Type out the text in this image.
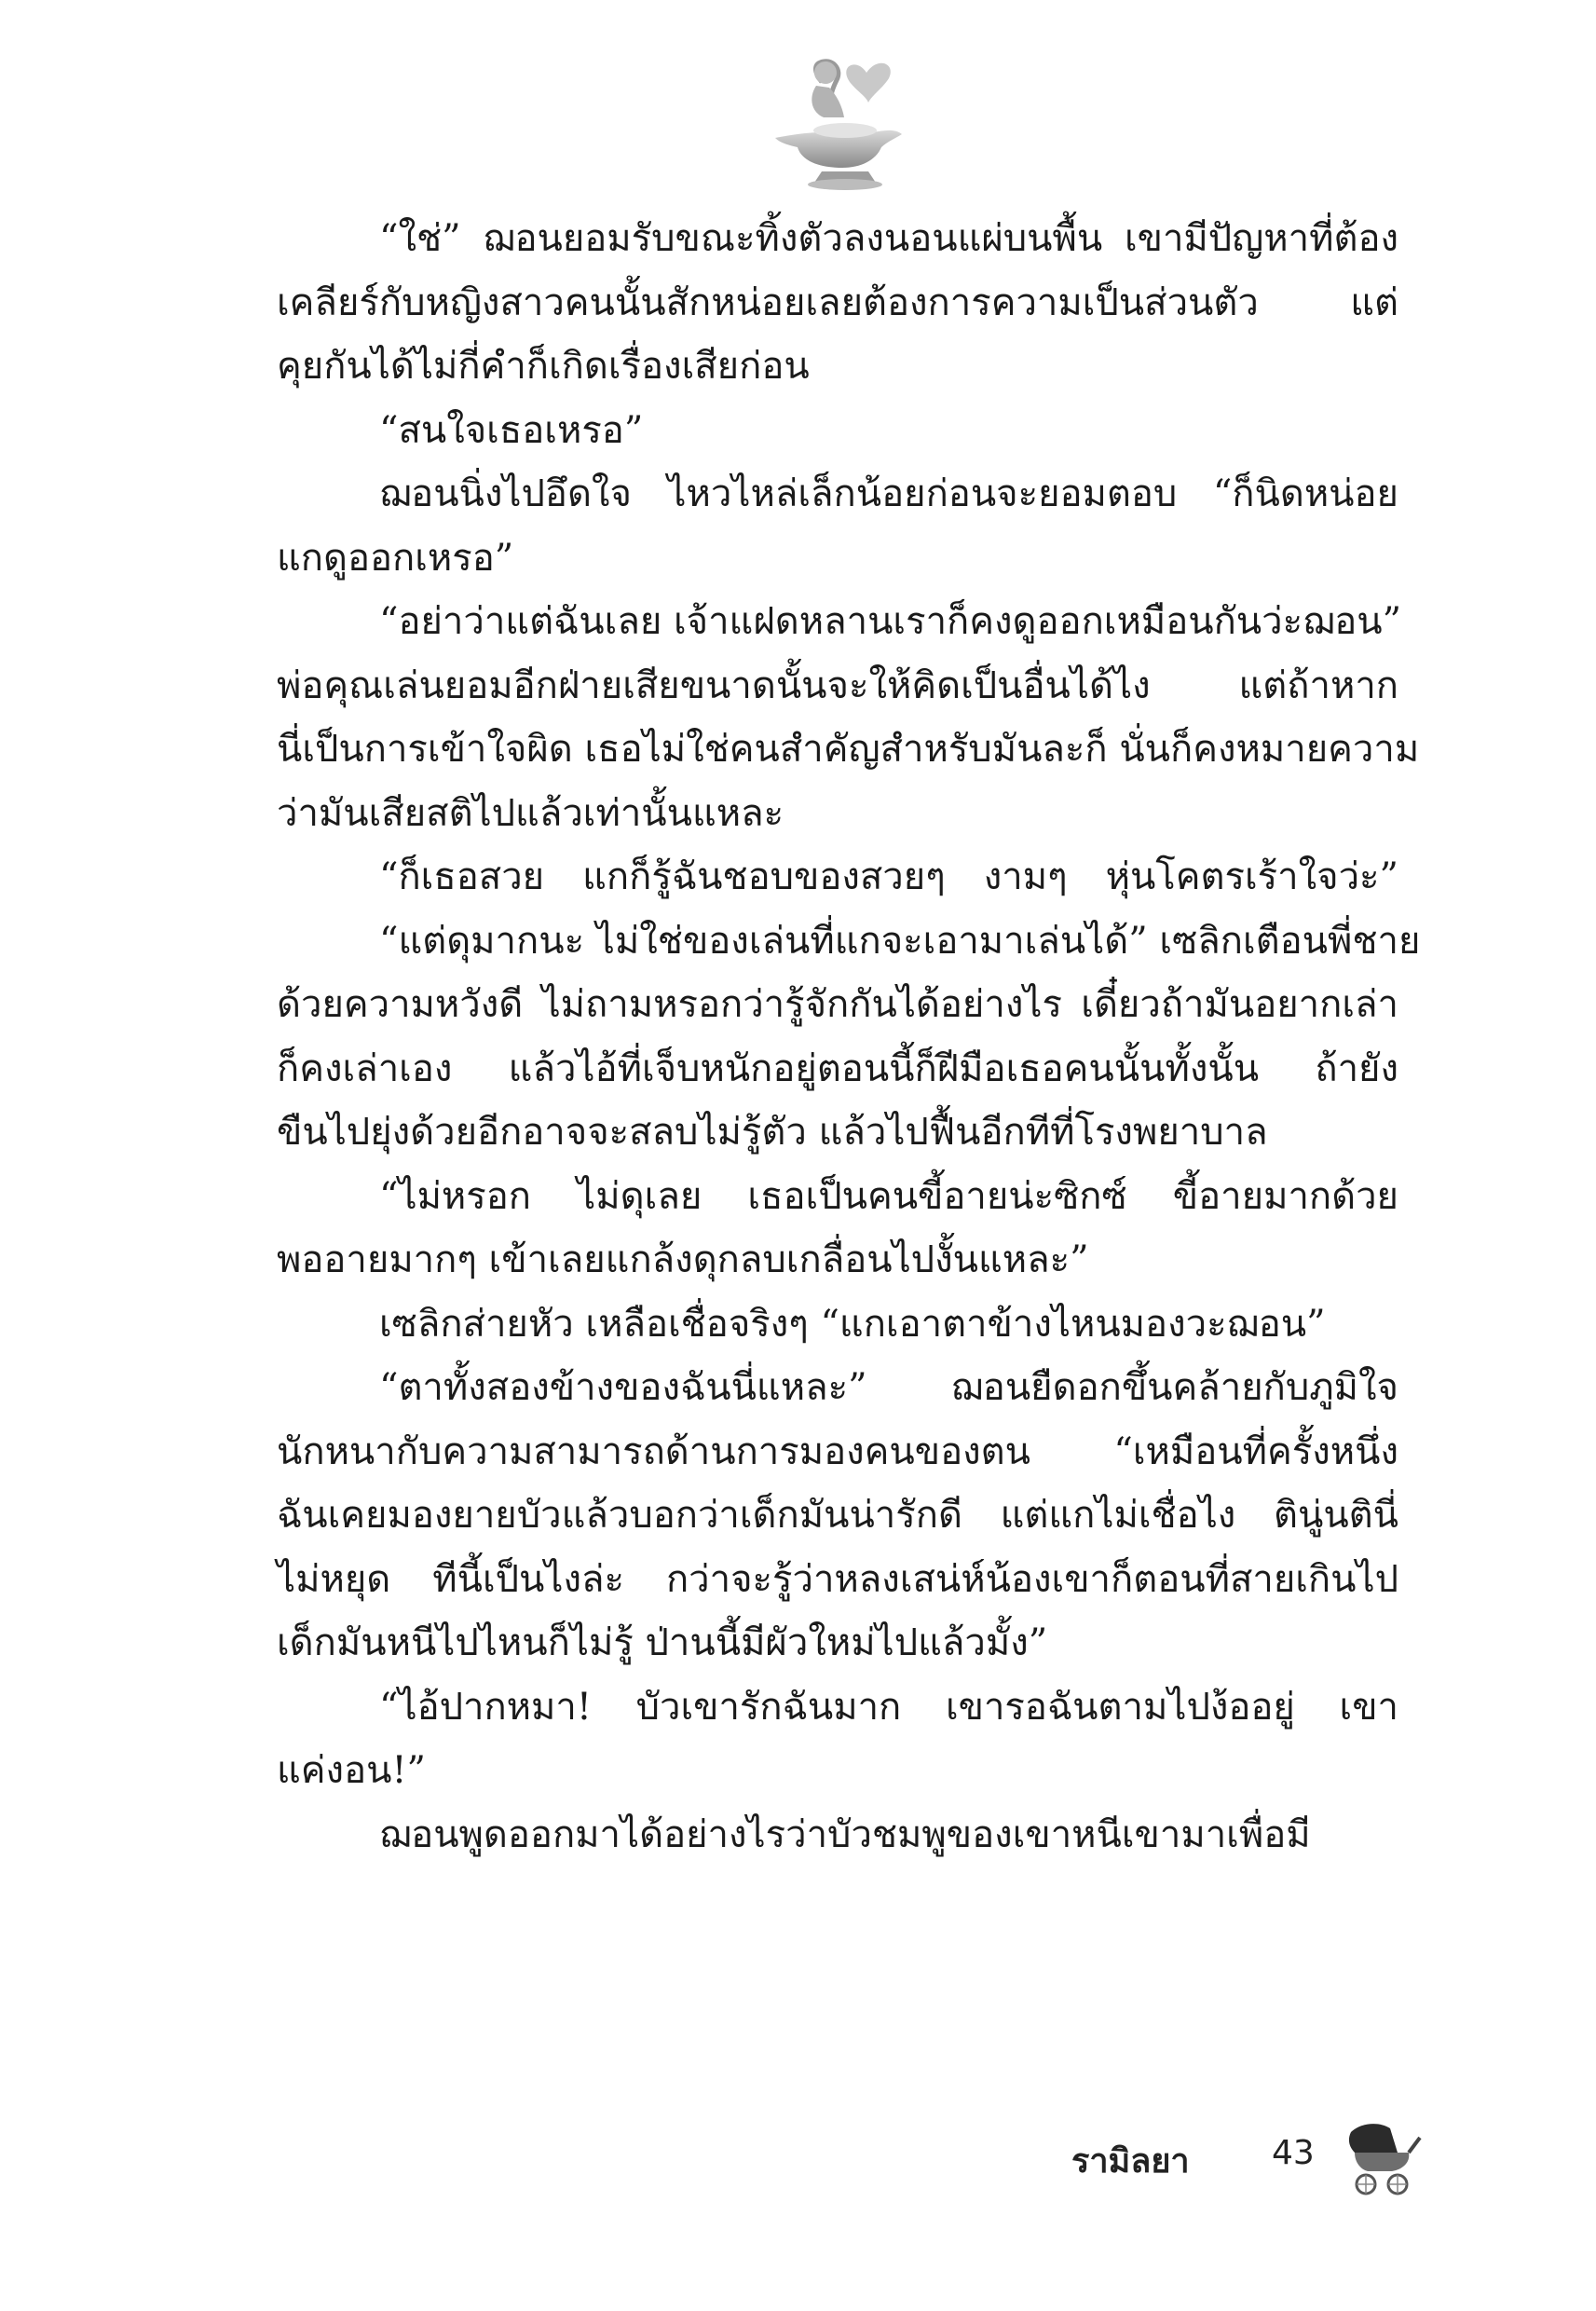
“ใช่” ฌอนยอมรับขณะทิ้งตัวลงนอนแผ่บนพื้น เขามีปัญหาที่ต้อง
เคลียร์กับหญิงสาวคนนั้นสักหน่อยเลยต้องการความเป็นส่วนตัว แต่
คุยกันได้ไม่กี่คำก็เกิดเรื่องเสียก่อน
“สนใจเธอเหรอ”
ฌอนนิ่งไปอึดใจ ไหวไหล่เล็กน้อยก่อนจะยอมตอบ “ก็นิดหน่อย
แกดูออกเหรอ”
“อย่าว่าแต่ฉันเลย เจ้าแฝดหลานเราก็คงดูออกเหมือนกันว่ะฌอน”
พ่อคุณเล่นยอมอีกฝ่ายเสียขนาดนั้นจะให้คิดเป็นอื่นได้ไง แต่ถ้าหาก
นี่เป็นการเข้าใจผิด เธอไม่ใช่คนสำคัญสำหรับมันละก็ นั่นก็คงหมายความ
ว่ามันเสียสติไปแล้วเท่านั้นแหละ
“ก็เธอสวย แกก็รู้ฉันชอบของสวยๆ งามๆ หุ่นโคตรเร้าใจว่ะ”
“แต่ดุมากนะ ไม่ใช่ของเล่นที่แกจะเอามาเล่นได้” เซลิกเตือนพี่ชาย
ด้วยความหวังดี ไม่ถามหรอกว่ารู้จักกันได้อย่างไร เดี๋ยวถ้ามันอยากเล่า
ก็คงเล่าเอง แล้วไอ้ที่เจ็บหนักอยู่ตอนนี้ก็ฝีมือเธอคนนั้นทั้งนั้น ถ้ายัง
ขืนไปยุ่งด้วยอีกอาจจะสลบไม่รู้ตัว แล้วไปฟื้นอีกทีที่โรงพยาบาล
“ไม่หรอก ไม่ดุเลย เธอเป็นคนขี้อายน่ะซิกซ์ ขี้อายมากด้วย
พออายมากๆ เข้าเลยแกล้งดุกลบเกลื่อนไปงั้นแหละ”
เซลิกส่ายหัว เหลือเชื่อจริงๆ “แกเอาตาข้างไหนมองวะฌอน”
“ตาทั้งสองข้างของฉันนี่แหละ” ฌอนยืดอกขึ้นคล้ายกับภูมิใจ
นักหนากับความสามารถด้านการมองคนของตน “เหมือนที่ครั้งหนึ่ง
ฉันเคยมองยายบัวแล้วบอกว่าเด็กมันน่ารักดี แต่แกไม่เชื่อไง ตินู่นตินี่
ไม่หยุด ทีนี้เป็นไงล่ะ กว่าจะรู้ว่าหลงเสน่ห์น้องเขาก็ตอนที่สายเกินไป
เด็กมันหนีไปไหนก็ไม่รู้ ป่านนี้มีผัวใหม่ไปแล้วมั้ง”
“ไอ้ปากหมา! บัวเขารักฉันมาก เขารอฉันตามไปง้ออยู่ เขา
แค่งอน!”
ฌอนพูดออกมาได้อย่างไรว่าบัวชมพูของเขาหนีเขามาเพื่อมี
รามิลยา 43
